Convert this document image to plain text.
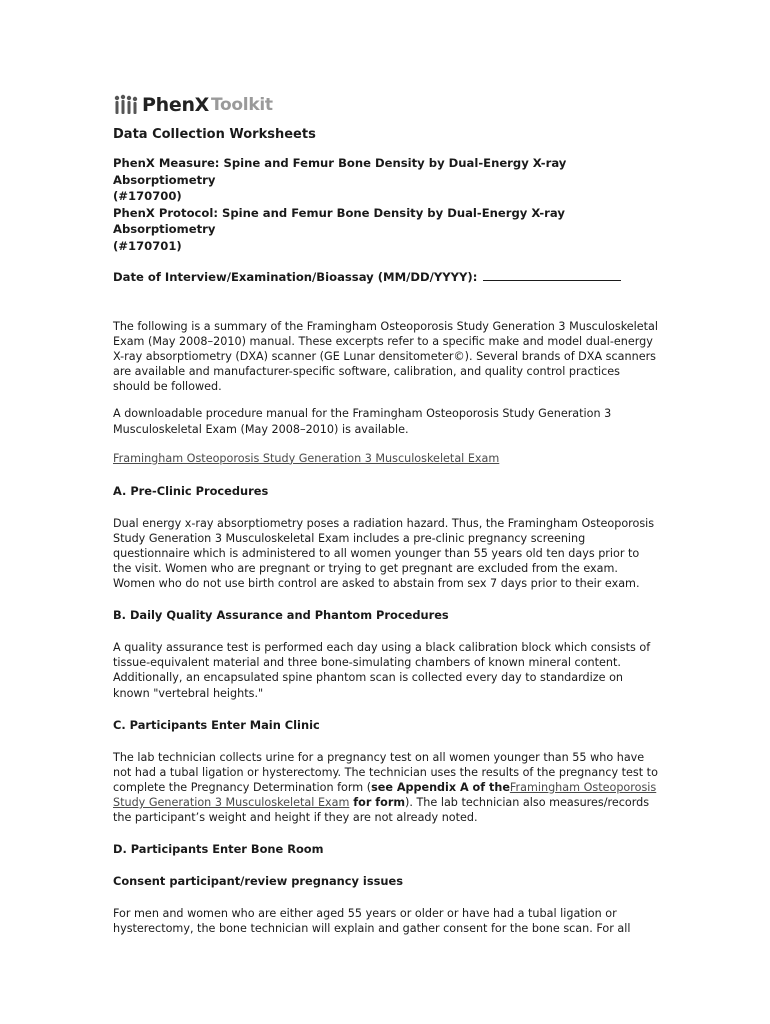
PhenX Toolkit
Data Collection Worksheets
PhenX Measure: Spine and Femur Bone Density by Dual-Energy X-ray Absorptiometry
(#170700)
PhenX Protocol: Spine and Femur Bone Density by Dual-Energy X-ray Absorptiometry
(#170701)
Date of Interview/Examination/Bioassay (MM/DD/YYYY):

The following is a summary of the Framingham Osteoporosis Study Generation 3 Musculoskeletal Exam (May 2008–2010) manual. These excerpts refer to a specific make and model dual-energy X-ray absorptiometry (DXA) scanner (GE Lunar densitometer©). Several brands of DXA scanners are available and manufacturer-specific software, calibration, and quality control practices should be followed.

A downloadable procedure manual for the Framingham Osteoporosis Study Generation 3 Musculoskeletal Exam (May 2008–2010) is available.

Framingham Osteoporosis Study Generation 3 Musculoskeletal Exam

A. Pre-Clinic Procedures

Dual energy x-ray absorptiometry poses a radiation hazard. Thus, the Framingham Osteoporosis Study Generation 3 Musculoskeletal Exam includes a pre-clinic pregnancy screening questionnaire which is administered to all women younger than 55 years old ten days prior to the visit. Women who are pregnant or trying to get pregnant are excluded from the exam. Women who do not use birth control are asked to abstain from sex 7 days prior to their exam.

B. Daily Quality Assurance and Phantom Procedures

A quality assurance test is performed each day using a black calibration block which consists of tissue-equivalent material and three bone-simulating chambers of known mineral content. Additionally, an encapsulated spine phantom scan is collected every day to standardize on known "vertebral heights."

C. Participants Enter Main Clinic

The lab technician collects urine for a pregnancy test on all women younger than 55 who have not had a tubal ligation or hysterectomy. The technician uses the results of the pregnancy test to complete the Pregnancy Determination form (see Appendix A of theFramingham Osteoporosis Study Generation 3 Musculoskeletal Exam for form). The lab technician also measures/records the participant’s weight and height if they are not already noted.

D. Participants Enter Bone Room
Consent participant/review pregnancy issues

For men and women who are either aged 55 years or older or have had a tubal ligation or hysterectomy, the bone technician will explain and gather consent for the bone scan. For all
